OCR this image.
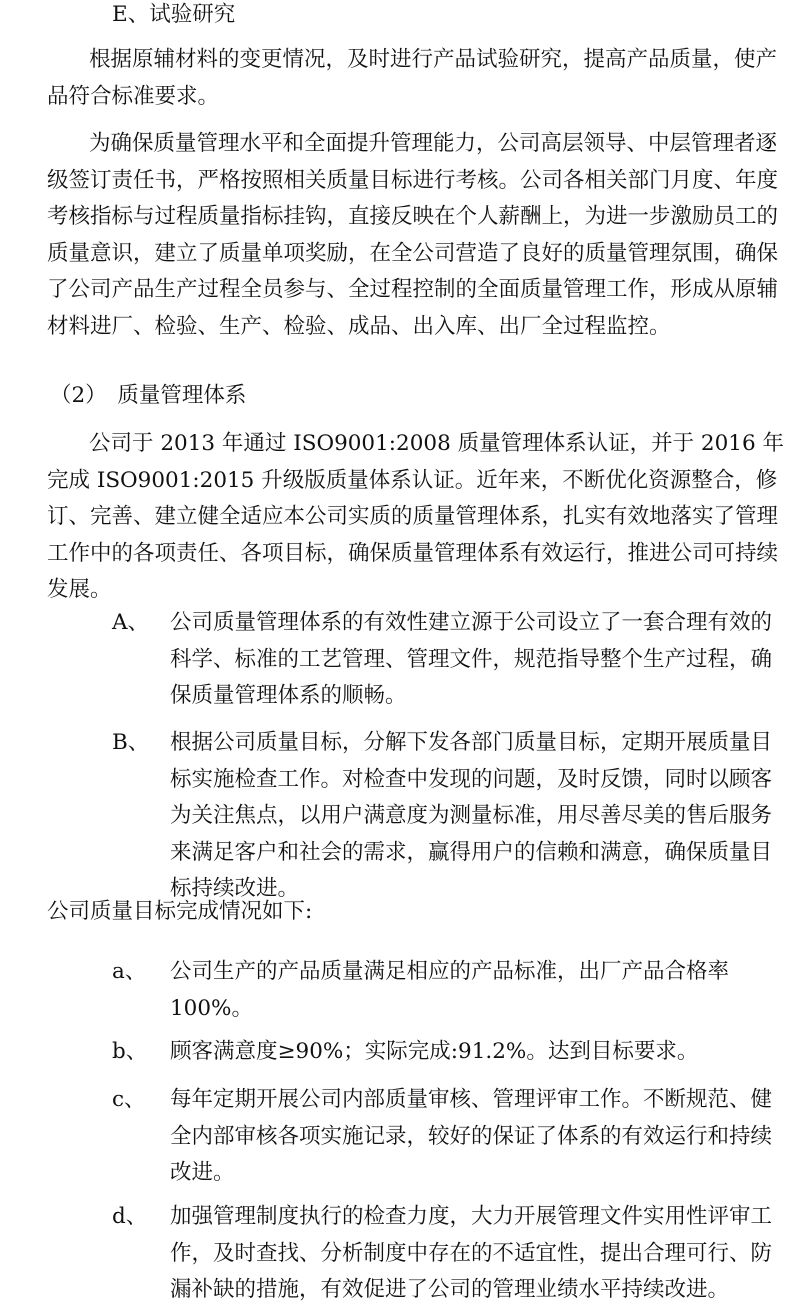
E、试验研究

根据原辅材料的变更情况，及时进行产品试验研究，提高产品质量，使产品符合标准要求。

为确保质量管理水平和全面提升管理能力，公司高层领导、中层管理者逐级签订责任书，严格按照相关质量目标进行考核。公司各相关部门月度、年度考核指标与过程质量指标挂钩，直接反映在个人薪酬上，为进一步激励员工的质量意识，建立了质量单项奖励，在全公司营造了良好的质量管理氛围，确保了公司产品生产过程全员参与、全过程控制的全面质量管理工作，形成从原辅材料进厂、检验、生产、检验、成品、出入库、出厂全过程监控。

（2）　质量管理体系

公司于 2013 年通过 ISO9001:2008 质量管理体系认证，并于 2016 年完成 ISO9001:2015 升级版质量体系认证。近年来，不断优化资源整合，修订、完善、建立健全适应本公司实质的质量管理体系，扎实有效地落实了管理工作中的各项责任、各项目标，确保质量管理体系有效运行，推进公司可持续发展。

A、 公司质量管理体系的有效性建立源于公司设立了一套合理有效的科学、标准的工艺管理、管理文件，规范指导整个生产过程，确保质量管理体系的顺畅。
B、 根据公司质量目标，分解下发各部门质量目标，定期开展质量目标实施检查工作。对检查中发现的问题，及时反馈，同时以顾客为关注焦点，以用户满意度为测量标准，用尽善尽美的售后服务来满足客户和社会的需求，赢得用户的信赖和满意，确保质量目标持续改进。

公司质量目标完成情况如下:

a、	公司生产的产品质量满足相应的产品标准，出厂产品合格率100%。
b、	顾客满意度≥90%；实际完成:91.2%。达到目标要求。
c、	每年定期开展公司内部质量审核、管理评审工作。不断规范、健全内部审核各项实施记录，较好的保证了体系的有效运行和持续改进。
d、	加强管理制度执行的检查力度，大力开展管理文件实用性评审工作，及时查找、分析制度中存在的不适宜性，提出合理可行、防漏补缺的措施，有效促进了公司的管理业绩水平持续改进。
